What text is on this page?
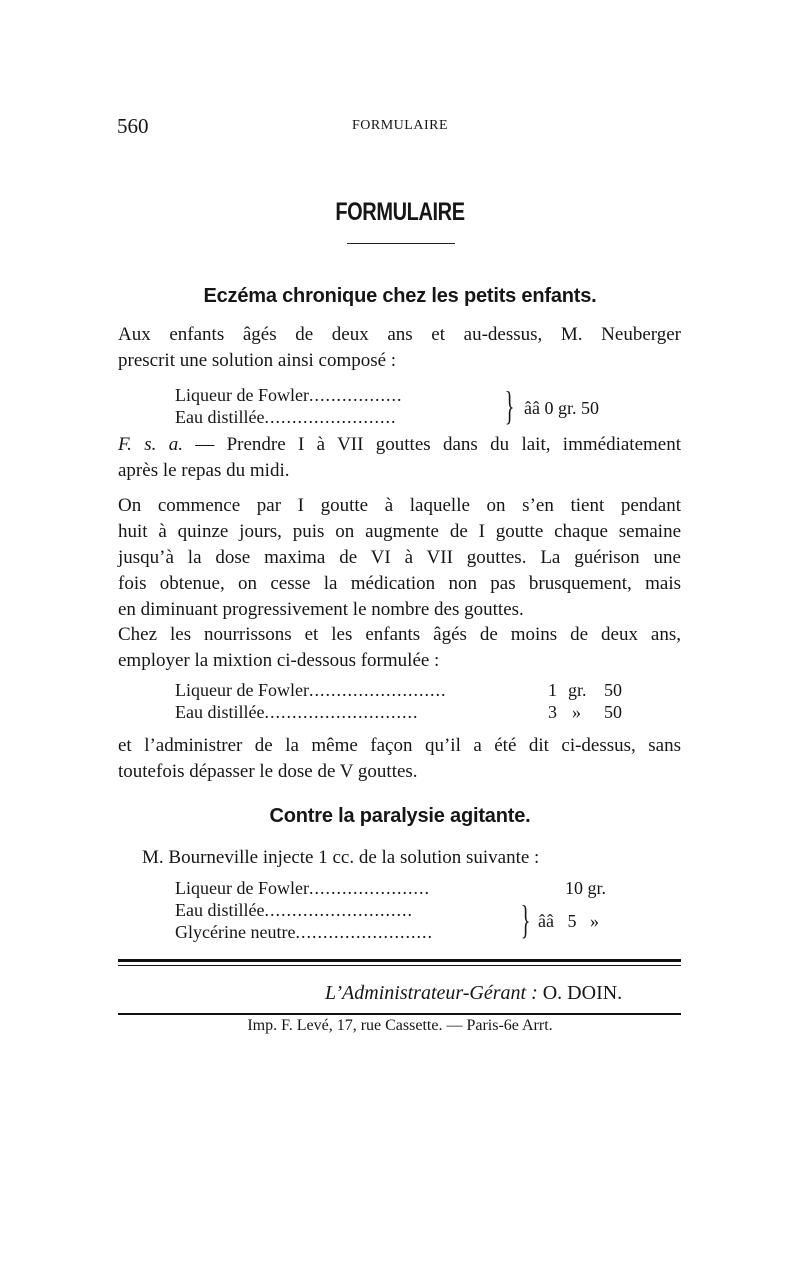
560	FORMULAIRE
FORMULAIRE
Eczéma chronique chez les petits enfants.
Aux enfants âgés de deux ans et au-dessus, M. Neuberger
prescrit une solution ainsi composé :
Liqueur de Fowler.................
Eau distillée........................	} ââ 0 gr. 50
F. s. a. — Prendre I à VII gouttes dans du lait, immédiatement
après le repas du midi.
On commence par I goutte à laquelle on s’en tient pendant
huit à quinze jours, puis on augmente de I goutte chaque semaine
jusqu’à la dose maxima de VI à VII gouttes. La guérison une
fois obtenue, on cesse la médication non pas brusquement, mais
en diminuant progressivement le nombre des gouttes.
Chez les nourrissons et les enfants âgés de moins de deux ans,
employer la mixtion ci-dessous formulée :
Liqueur de Fowler.........................	1 gr. 50
Eau distillée............................	3 » 50
et l’administrer de la même façon qu’il a été dit ci-dessus, sans
toutefois dépasser le dose de V gouttes.
Contre la paralysie agitante.
M. Bourneville injecte 1 cc. de la solution suivante :
Liqueur de Fowler......................	10 gr.
Eau distillée...........................
Glycérine neutre......................... } ââ   5   »
L’Administrateur-Gérant : O. DOIN.
Imp. F. Levé, 17, rue Cassette. — Paris-6e Arrt.
